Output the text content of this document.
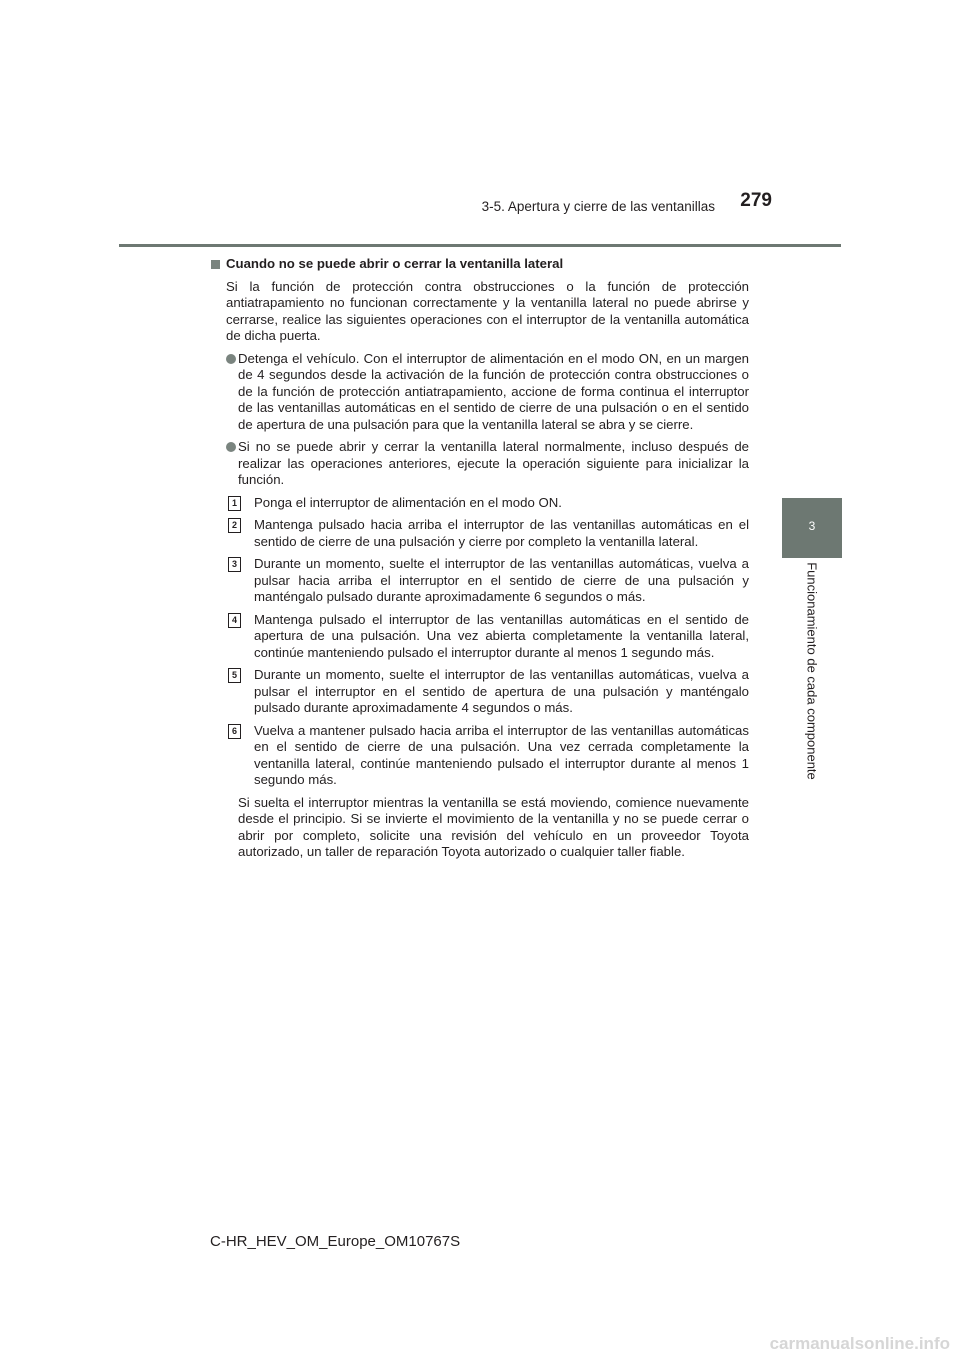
3-5. Apertura y cierre de las ventanillas 279
3
Funcionamiento de cada componente
Cuando no se puede abrir o cerrar la ventanilla lateral

Si la función de protección contra obstrucciones o la función de protección antiatrapamiento no funcionan correctamente y la ventanilla lateral no puede abrirse y cerrarse, realice las siguientes operaciones con el interruptor de la ventanilla automática de dicha puerta.

Detenga el vehículo. Con el interruptor de alimentación en el modo ON, en un margen de 4 segundos desde la activación de la función de protección contra obstrucciones o de la función de protección antiatrapamiento, accione de forma continua el interruptor de las ventanillas automáticas en el sentido de cierre de una pulsación o en el sentido de apertura de una pulsación para que la ventanilla lateral se abra y se cierre.

Si no se puede abrir y cerrar la ventanilla lateral normalmente, incluso después de realizar las operaciones anteriores, ejecute la operación siguiente para inicializar la función.

1	Ponga el interruptor de alimentación en el modo ON.

2	Mantenga pulsado hacia arriba el interruptor de las ventanillas automáticas en el sentido de cierre de una pulsación y cierre por completo la ventanilla lateral.

3	Durante un momento, suelte el interruptor de las ventanillas automáticas, vuelva a pulsar hacia arriba el interruptor en el sentido de cierre de una pulsación y manténgalo pulsado durante aproximadamente 6 segundos o más.

4	Mantenga pulsado el interruptor de las ventanillas automáticas en el sentido de apertura de una pulsación. Una vez abierta completamente la ventanilla lateral, continúe manteniendo pulsado el interruptor durante al menos 1 segundo más.

5	Durante un momento, suelte el interruptor de las ventanillas automáticas, vuelva a pulsar el interruptor en el sentido de apertura de una pulsación y manténgalo pulsado durante aproximadamente 4 segundos o más.

6	Vuelva a mantener pulsado hacia arriba el interruptor de las ventanillas automáticas en el sentido de cierre de una pulsación. Una vez cerrada completamente la ventanilla lateral, continúe manteniendo pulsado el interruptor durante al menos 1 segundo más.

Si suelta el interruptor mientras la ventanilla se está moviendo, comience nuevamente desde el principio. Si se invierte el movimiento de la ventanilla y no se puede cerrar o abrir por completo, solicite una revisión del vehículo en un proveedor Toyota autorizado, un taller de reparación Toyota autorizado o cualquier taller fiable.

C-HR_HEV_OM_Europe_OM10767S
carmanualsonline.info
